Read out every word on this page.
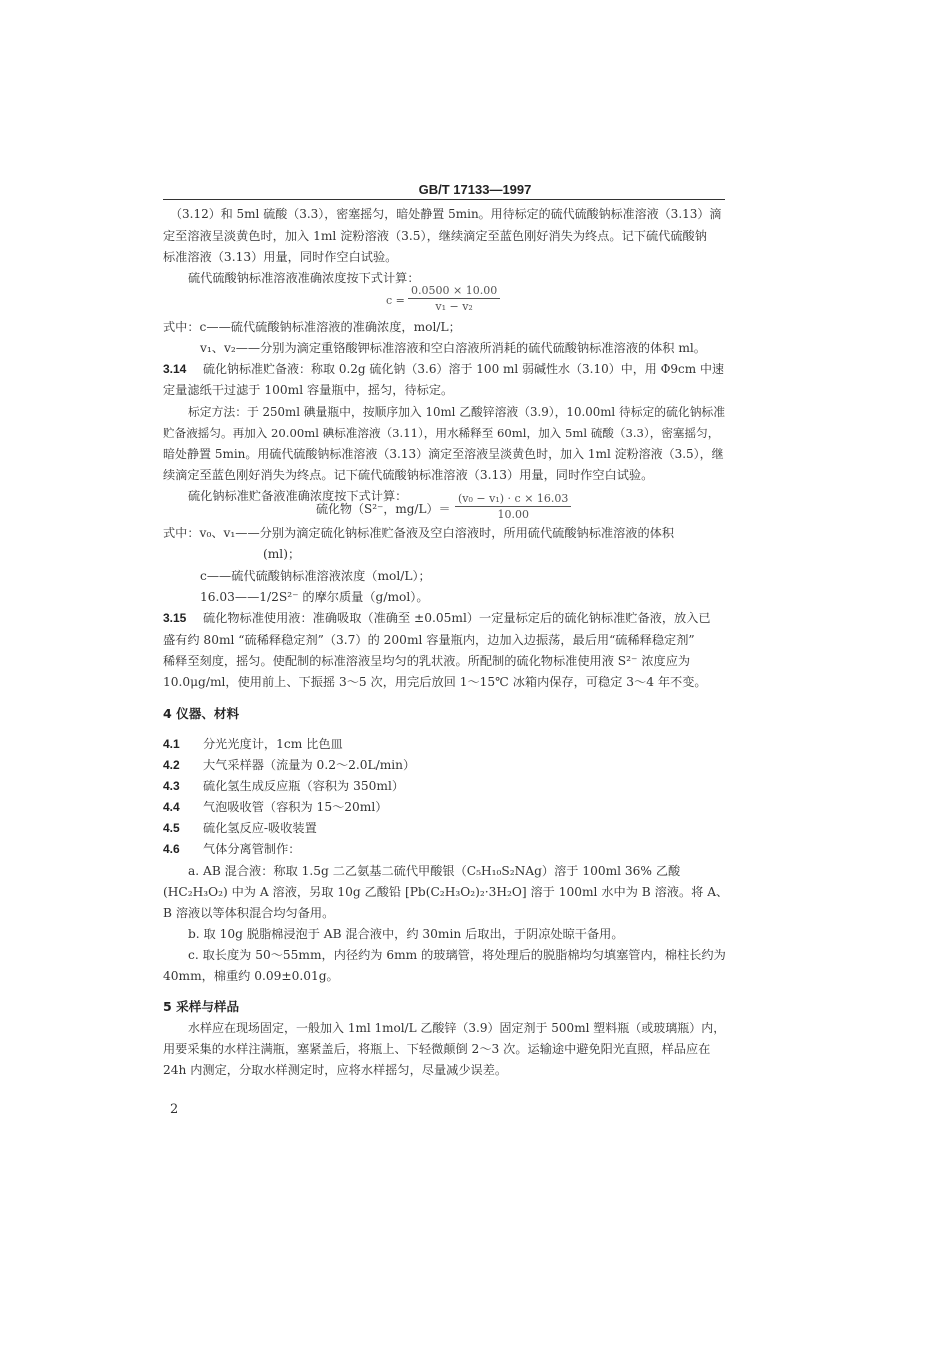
GB/T 17133—1997
（3.12）和 5ml 硫酸（3.3），密塞摇匀，暗处静置 5min。用待标定的硫代硫酸钠标准溶液（3.13）滴
定至溶液呈淡黄色时，加入 1ml 淀粉溶液（3.5），继续滴定至蓝色刚好消失为终点。记下硫代硫酸钠
标准溶液（3.13）用量，同时作空白试验。
硫代硫酸钠标准溶液准确浓度按下式计算：
$c = \frac{0.0500 \times 10.00}{\text{v₁ − v₂}}$
式中：c——硫代硫酸钠标准溶液的准确浓度，mol/L；
v₁、v₂——分别为滴定重铬酸钾标准溶液和空白溶液所消耗的硫代硫酸钠标准溶液的体积 ml。
3.14 硫化钠标准贮备液：称取 0.2g 硫化钠（3.6）溶于 100 ml 弱碱性水（3.10）中，用 Φ9cm 中速
定量滤纸干过滤于 100ml 容量瓶中，摇匀，待标定。
标定方法：于 250ml 碘量瓶中，按顺序加入 10ml 乙酸锌溶液（3.9），10.00ml 待标定的硫化钠标准
贮备液摇匀。再加入 20.00ml 碘标准溶液（3.11），用水稀释至 60ml，加入 5ml 硫酸（3.3），密塞摇匀，
暗处静置 5min。用硫代硫酸钠标准溶液（3.13）滴定至溶液呈淡黄色时，加入 1ml 淀粉溶液（3.5），继
续滴定至蓝色刚好消失为终点。记下硫代硫酸钠标准溶液（3.13）用量，同时作空白试验。
硫化钠标准贮备液准确浓度按下式计算：
硫化物（S²⁻，$mg/L)= \frac{\text{(v₀ − v₁) · c × 16.03}}{10.00}$
式中：v₀、v₁——分别为滴定硫化钠标准贮备液及空白溶液时，所用硫代硫酸钠标准溶液的体积
(ml)；
c——硫代硫酸钠标准溶液浓度（mol/L）；
16.03——1/2S²⁻ 的摩尔质量（g/mol）。
3.15 硫化物标准使用液：准确吸取（准确至 ±0.05ml）一定量标定后的硫化钠标准贮备液，放入已
盛有约 80ml “硫稀释稳定剂”（3.7）的 200ml 容量瓶内，边加入边振荡，最后用“硫稀释稳定剂”
稀释至刻度，摇匀。使配制的标准溶液呈均匀的乳状液。所配制的硫化物标准使用液 S²⁻ 浓度应为
10.0μg/ml，使用前上、下振摇 3～5 次，用完后放回 1～15℃ 冰箱内保存，可稳定 3～4 年不变。
4 仪器、材料
4.1 分光光度计，1cm 比色皿
4.2 大气采样器（流量为 0.2～2.0L/min）
4.3 硫化氢生成反应瓶（容积为 350ml）
4.4 气泡吸收管（容积为 15～20ml）
4.5 硫化氢反应-吸收装置
4.6 气体分离管制作：
a. AB 混合液：称取 1.5g 二乙氨基二硫代甲酸银（C₅H₁₀S₂NAg）溶于 100ml 36% 乙酸
(HC₂H₃O₂) 中为 A 溶液，另取 10g 乙酸铅 [Pb(C₂H₃O₂)₂·3H₂O] 溶于 100ml 水中为 B 溶液。将 A、
B 溶液以等体积混合均匀备用。
b. 取 10g 脱脂棉浸泡于 AB 混合液中，约 30min 后取出，于阴凉处晾干备用。
c. 取长度为 50～55mm，内径约为 6mm 的玻璃管，将处理后的脱脂棉均匀填塞管内，棉柱长约为
40mm，棉重约 0.09±0.01g。
5 采样与样品
水样应在现场固定，一般加入 1ml 1mol/L 乙酸锌（3.9）固定剂于 500ml 塑料瓶（或玻璃瓶）内，
用要采集的水样注满瓶，塞紧盖后，将瓶上、下轻微颠倒 2～3 次。运输途中避免阳光直照，样品应在
24h 内测定，分取水样测定时，应将水样摇匀，尽量减少误差。
2
